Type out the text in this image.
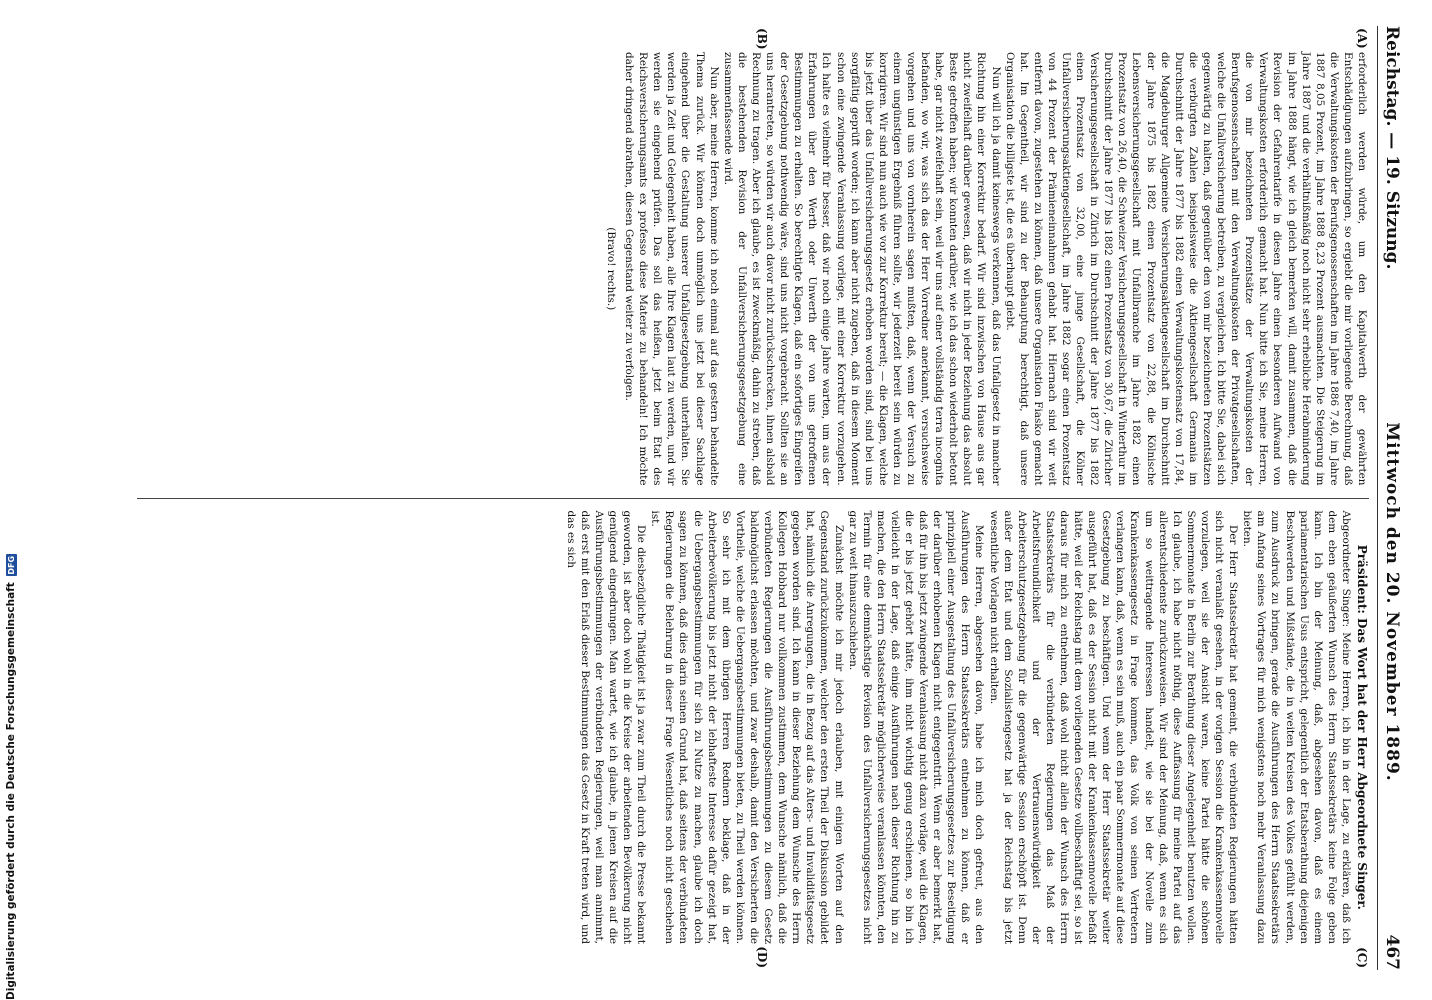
Reichstag. — 19. Sitzung.
Mittwoch den 20. November 1889.
467
(A)
(B)

erforderlich werden würde, um den Kapitalwerth der gewährten Entschädigungen aufzubringen, so ergiebt die mir vorliegende Berechnung, daß die Verwaltungskosten der Berufsgenossenschaften im Jahre 1886 7,40, im Jahre 1887 8,05 Prozent, im Jahre 1888 8,23 Prozent ausmachten. Die Steigerung im Jahre 1887 und die verhältnißmäßig noch nicht sehr erhebliche Herabminderung im Jahre 1888 hängt, wie ich gleich bemerken will, damit zusammen, daß die Revision der Gefahrentarife in diesen Jahre einen besonderen Aufwand von Verwaltungskosten erforderlich gemacht hat. Nun bitte ich Sie, meine Herren, die von mir bezeichneten Prozentsätze der Verwaltungskosten der Berufsgenossenschaften mit den Verwaltungskosten der Privatgesellschaften, welche die Unfallversicherung betreiben, zu vergleichen. Ich bitte Sie, dabei sich gegenwärtig zu halten, daß gegenüber den von mir bezeichneten Prozentsätzen die verbürgten Zahlen beispielsweise die Aktiengesellschaft Germania im Durchschnitt der Jahre 1877 bis 1882 einen Verwaltungskostensatz von 17,84, die Magdeburger Allgemeine Versicherungsaktiengesellschaft im Durchschnitt der Jahre 1875 bis 1882 einen Prozentsatz von 22,88, die Kölnische Lebensversicherungsgesellschaft mit Unfallbranche im Jahre 1882 einen Prozentsatz von 26,40, die Schweizer Versicherungsgesellschaft in Winterthur im Durchschnitt der Jahre 1877 bis 1882 einen Prozentsatz von 30,67, die Züricher Versicherungsgesellschaft in Zürich im Durchschnitt der Jahre 1877 bis 1882 einen Prozentsatz von 32,00, eine junge Gesellschaft, die Kölner Unfallversicherungsaktiengesellschaft, im Jahre 1882 sogar einen Prozentsatz von 44 Prozent der Prämieneinnahmen gehabt hat. Hiernach sind wir weit entfernt davon, zugestehen zu können, daß unsere Organisation Fiasko gemacht hat. Im Gegentheil, wir sind zu der Behauptung berechtigt, daß unsere Organisation die billigste ist, die es überhaupt giebt.

Nun will ich ja damit keineswegs verkennen, daß das Unfallgesetz in mancher Richtung hin einer Korrektur bedarf. Wir sind inzwischen von Hause aus gar nicht zweifelhaft darüber gewesen, daß wir nicht in jeder Beziehung das absolut Beste getroffen haben; wir konnten darüber, wie ich das schon wiederholt betont habe, gar nicht zweifelhaft sein, weil wir uns auf einer vollständig terra incognita befanden, wo wir, was sich das der Herr Vorredner anerkannt, versuchsweise vorgehen und uns von vornherein sagen mußten, daß, wenn der Versuch zu einem ungünstigen Ergebniß führen sollte, wir jederzeit bereit sein würden zu korrigiren. Wir sind nun auch wie vor zur Korrektur bereit; — die Klagen, welche bis jetzt über das Unfallversicherungsgesetz erhoben worden sind, sind bei uns sorgfältig geprüft worden; ich kann aber nicht zugeben, daß in diesem Moment schon eine zwingende Veranlassung vorliege, mit einer Korrektur vorzugehen. Ich halte es vielmehr für besser, daß wir noch einige Jahre warten, um aus der Erfahrungen über den Werth oder Unwerth der von uns getroffenen Bestimmungen zu erhalten. So berechtigte Klagen, daß ein sofortiges Eingreifen der Gesetzgebung nothwendig wäre, sind uns nicht vorgebracht. Sollten sie an uns herantreten, so würden wir auch davor nicht zurückschrecken, ihnen alsbald Rechnung zu tragen. Aber ich glaube, es ist zweckmäßig, dahin zu streben, daß die bestehenden Revision der Unfallversicherungsgesetzgebung eine zusammenfassende wird.

Nun aber, meine Herren, komme ich noch einmal auf das gestern behandelte Thema zurück. Wir können doch unmöglich uns jetzt bei dieser Sachlage eingehend über die Gestaltung unserer Unfallgesetzgebung unterhalten. Sie werden ja Zeit und Gelegenheit haben, alle Ihre Klagen laut zu werden, und wir werden sie eingehend prüfen. Das soll das heißen, jetzt beim Etat des Reichsversicherungsamts ex professo diese Materie zu behandeln! Ich möchte daher dringend abrathen, diesen Gegenstand weiter zu verfolgen.

(Bravo! rechts.)
(C)
(D)

Präsident: Das Wort hat der Herr Abgeordnete Singer.

Abgeordneter Singer: Meine Herren, ich bin in der Lage, zu erklären, daß ich dem eben geäußerten Wunsch des Herrn Staatssekretärs keine Folge geben kann. Ich bin der Meinung, daß, abgesehen davon, daß es einem parlamentarischen Usus entspricht, gelegentlich der Etatsberathung diejenigen Beschwerden und Mißstände, die in weiten Kreisen des Volkes gefühlt werden, zum Ausdruck zu bringen, gerade die Ausführungen des Herrn Staatssekretärs am Anfang seines Vortrages für mich wenigstens noch mehr Veranlassung dazu bieten.

Der Herr Staatssekretär hat gemeint, die verbündeten Regierungen hätten sich nicht veranlaßt gesehen, in der vorigen Session die Krankenkassennovelle vorzulegen, weil sie der Ansicht waren, keine Partei hätte die schönen Sommermonate in Berlin zur Berathung dieser Angelegenheit benutzen wollen. Ich glaube, ich habe nicht nöthig, diese Auffassung für meine Partei auf das allerentschiedenste zurückzuweisen. Wir sind der Meinung, daß, wenn es sich um so weittragende Interessen handelt, wie sie bei der Novelle zum Krankenkassengesetz in Frage kommen, das Volk von seinen Vertretern verlangen kann, daß, wenn es sein muß, auch ein paar Sommermonate auf diese Gesetzgebung zu beschäftigen. Und wenn der Herr Staatssekretär weiter ausgeführt hat, daß es der Session nicht mit der Krankenkassennovelle befaßt hätte, weil der Reichstag mit dem vorliegenden Gesetze vollbeschäftigt sei, so ist daraus für mich zu entnehmen, daß wohl nicht allein der Wunsch des Herrn Staatssekretärs für die verbündeten Regierungen das Maß der Arbeitsfreundlichkeit und der Vertrauenswürdigkeit der Arbeiterschutzgesetzgebung für die gegenwärtige Session erschöpft ist. Denn außer dem Etat und dem Sozialistengesetz hat ja der Reichstag bis jetzt wesentliche Vorlagen nicht erhalten.

Meine Herren, abgesehen davon, habe ich mich doch gefreut, aus den Ausführungen des Herrn Staatssekretärs entnehmen zu können, daß er prinzipiell einer Ausgestaltung des Unfallversicherungsgesetzes zur Beseitigung der darüber erhobenen Klagen nicht entgegentritt. Wenn er aber bemerkt hat, daß für ihn bis jetzt zwingende Veranlassung nicht dazu vorläge, weil die Klagen, die er bis jetzt gehört hätte, ihm nicht wichtig genug erschienen, so bin ich vielleicht in der Lage, daß einige Ausführungen nach dieser Richtung hin zu machen, die den Herrn Staatssekretär möglicherweise veranlassen könnten, den Termin für eine demnächstige Revision des Unfallversicherungsgesetzes nicht gar zu weit hinauszuschieben.

Zunächst möchte ich mir jedoch erlauben, mit einigen Worten auf den Gegenstand zurückzukommen, welcher den ersten Theil der Diskussion gebildet hat, nämlich die Anregungen, die in Bezug auf das Alters- und Invaliditätsgesetz gegeben worden sind. Ich kann in dieser Beziehung dem Wunsche des Herrn Kollegen Hobbard nur vollkommen zustimmen, dem Wunsche nämlich, daß die verbündeten Regierungen die Ausführungsbestimmungen zu diesem Gesetz baldmöglichst erlassen möchten, und zwar deshalb, damit den Versicherten die Vortheile, welche die Uebergangsbestimmungen bieten, zu Theil werden können. So sehr ich mit dem übrigen Herren Rednern beklage, daß in der Arbeiterbevölkerung bis jetzt nicht der lebhafteste Interesse dafür gezeigt hat, die Uebergangsbestimmungen für sich zu Nutze zu machen, glaube ich doch sagen zu können, daß dies darin seinen Grund hat, daß seitens der verbündeten Regierungen die Belehrung in dieser Frage Wesentliches noch nicht geschehen ist.

Die diesbezügliche Thätigkeit ist ja zwar zum Theil durch die Presse bekannt geworden, ist aber doch wohl in die Kreise der arbeitenden Bevölkerung nicht genügend eingedrungen. Man wartet, wie ich glaube, in jenen Kreisen auf die Ausführungsbestimmungen der verbündeten Regierungen, weil man annimmt, daß erst mit den Erlaß dieser Bestimmungen das Gesetz in Kraft treten wird, und das es sich

Digitalisierung gefördert durch die Deutsche Forschungsgemeinschaft
DFG
